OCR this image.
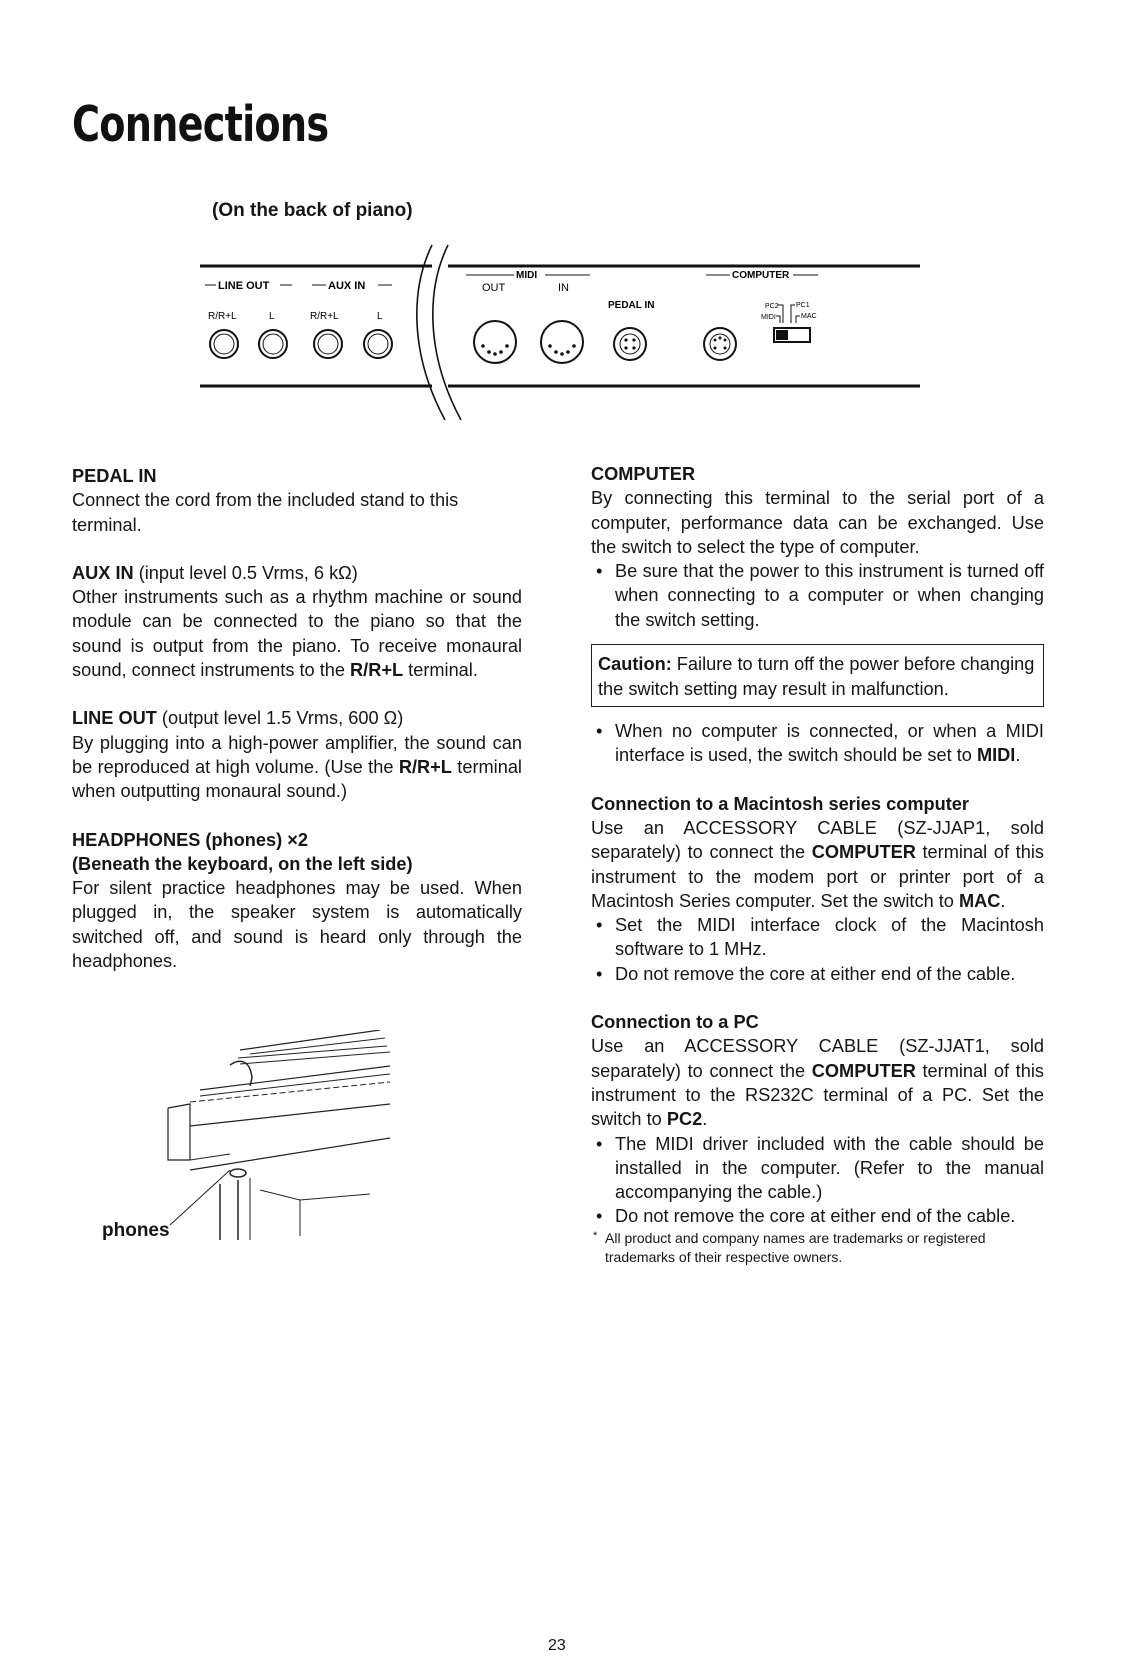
Connections
(On the back of piano)
LINE OUT
R/R+L	L
AUX IN
R/R+L	L
MIDI
OUT	IN
PEDAL IN
COMPUTER
PC2 PC1
MIDI	MAC

PEDAL IN

Connect the cord from the included stand to this terminal.

AUX IN (input level 0.5 Vrms, 6 kΩ)

Other instruments such as a rhythm machine or sound module can be connected to the piano so that the sound is output from the piano. To receive monaural sound, connect instruments to the R/R+L terminal.

LINE OUT (output level 1.5 Vrms, 600 Ω)

By plugging into a high-power amplifier, the sound can be reproduced at high volume. (Use the R/R+L terminal when outputting monaural sound.)

HEADPHONES (phones) ×2

(Beneath the keyboard, on the left side)

For silent practice headphones may be used. When plugged in, the speaker system is automatically switched off, and sound is heard only through the headphones.

phones

COMPUTER

By connecting this terminal to the serial port of a computer, performance data can be exchanged. Use the switch to select the type of computer.

• Be sure that the power to this instrument is turned off when connecting to a computer or when changing the switch setting.
Caution: Failure to turn off the power before changing the switch setting may result in malfunction.
• When no computer is connected, or when a MIDI interface is used, the switch should be set to MIDI.

Connection to a Macintosh series computer

Use an ACCESSORY CABLE (SZ-JJAP1, sold separately) to connect the COMPUTER terminal of this instrument to the modem port or printer port of a Macintosh Series computer. Set the switch to MAC.

• Set the MIDI interface clock of the Macintosh software to 1 MHz.
• Do not remove the core at either end of the cable.

Connection to a PC

Use an ACCESSORY CABLE (SZ-JJAT1, sold separately) to connect the COMPUTER terminal of this instrument to the RS232C terminal of a PC. Set the switch to PC2.

• The MIDI driver included with the cable should be installed in the computer. (Refer to the manual accompanying the cable.)
• Do not remove the core at either end of the cable.

* All product and company names are trademarks or registered trademarks of their respective owners.

23
